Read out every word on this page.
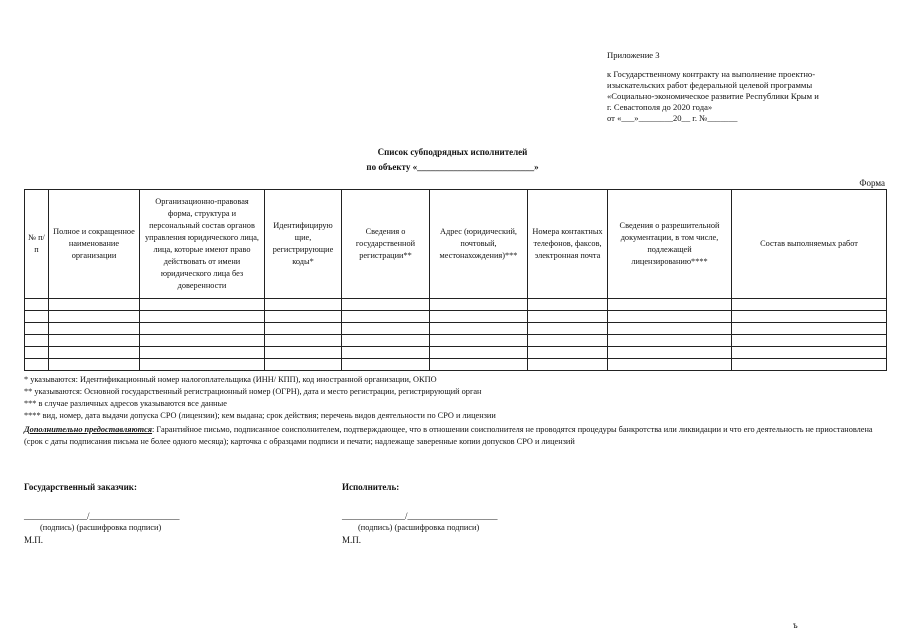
Приложение 3
к Государственному контракту на выполнение проектно-
изыскательских работ федеральной целевой программы
«Социально-экономическое развитие Республики Крым и
г. Севастополя до 2020 года»
от «___»________20__ г. №_______
Список субподрядных исполнителей
по объекту «__________________________»
Форма
№ п/п	Полное и сокращенное наименование организации	Организационно-правовая форма, структура и персональный состав органов управления юридического лица, лица, которые имеют право действовать от имени юридического лица без доверенности	Идентифицирую щие, регистрирующие коды*	Сведения о государственной регистрации**	Адрес (юридический, почтовый, местонахождения)***	Номера контактных телефонов, факсов, электронная почта	Сведения о разрешительной документации, в том числе, подлежащей лицензированию****	Состав выполняемых работ

* указываются: Идентификационный номер налогоплательщика (ИНН/ КПП), код иностранной организации, ОКПО
** указываются: Основной государственный регистрационный номер (ОГРН), дата и место регистрации, регистрирующий орган
*** в случае различных адресов указываются все данные
**** вид, номер, дата выдачи допуска СРО (лицензии); кем выдана; срок действия; перечень видов деятельности по СРО и лицензии
Дополнительно предоставляются: Гарантийное письмо, подписанное соисполнителем, подтверждающее, что в отношении соисполнителя не проводятся процедуры банкротства или ликвидации и что его деятельность не приостановлена (срок с даты подписания письма не более одного месяца); карточка с образцами подписи и печати; надлежаще заверенные копии допусков СРО и лицензий
Государственный заказчик:
______________/____________________
(подпись) (расшифровка подписи)
М.П.
Исполнитель:
______________/____________________
(подпись) (расшифровка подписи)
М.П.
ъ
